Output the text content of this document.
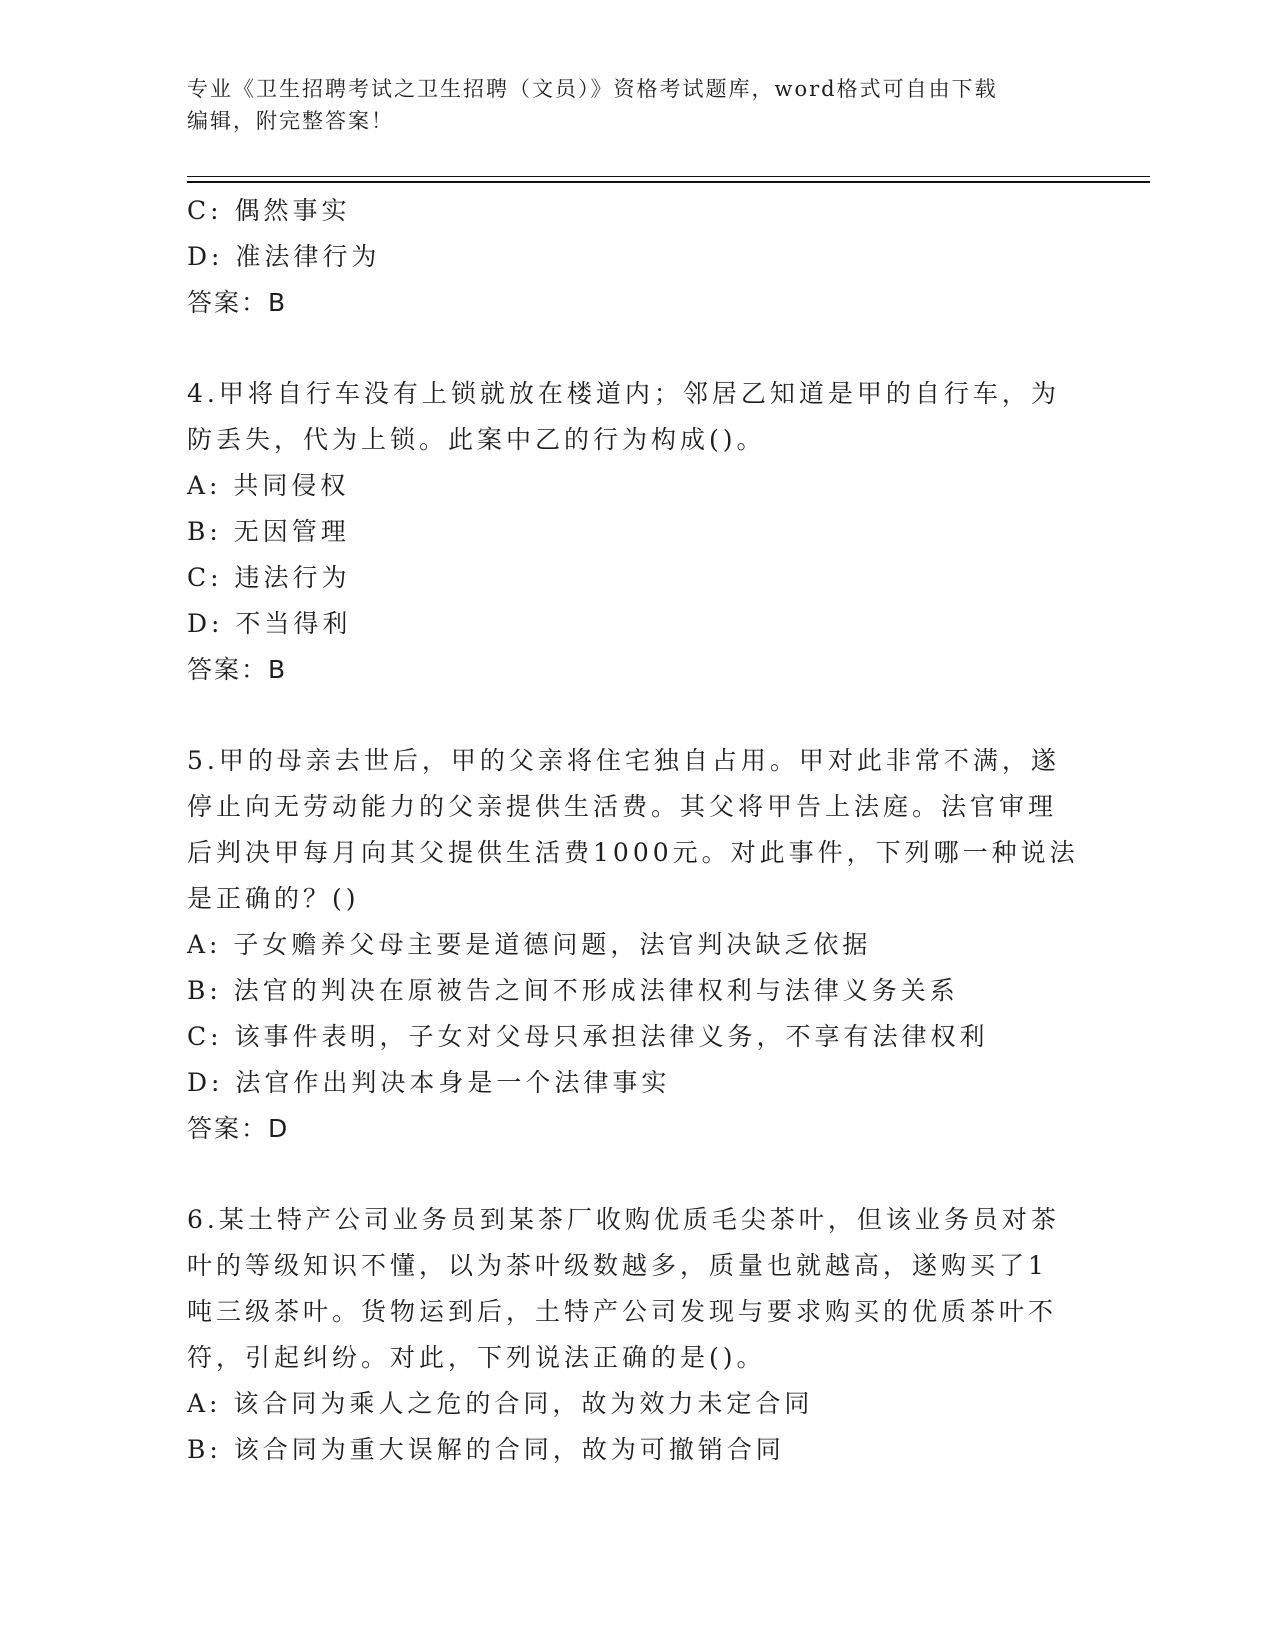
专业《卫生招聘考试之卫生招聘（文员）》资格考试题库，word格式可自由下载
编辑，附完整答案！
C: 偶然事实
D: 准法律行为
答案：B
4.甲将自行车没有上锁就放在楼道内；邻居乙知道是甲的自行车，为
防丢失，代为上锁。此案中乙的行为构成()。
A: 共同侵权
B: 无因管理
C: 违法行为
D: 不当得利
答案：B
5.甲的母亲去世后，甲的父亲将住宅独自占用。甲对此非常不满，遂
停止向无劳动能力的父亲提供生活费。其父将甲告上法庭。法官审理
后判决甲每月向其父提供生活费1000元。对此事件，下列哪一种说法
是正确的？()
A: 子女赡养父母主要是道德问题，法官判决缺乏依据
B: 法官的判决在原被告之间不形成法律权利与法律义务关系
C: 该事件表明，子女对父母只承担法律义务，不享有法律权利
D: 法官作出判决本身是一个法律事实
答案：D
6.某土特产公司业务员到某茶厂收购优质毛尖茶叶，但该业务员对茶
叶的等级知识不懂，以为茶叶级数越多，质量也就越高，遂购买了1
吨三级茶叶。货物运到后，土特产公司发现与要求购买的优质茶叶不
符，引起纠纷。对此，下列说法正确的是()。
A: 该合同为乘人之危的合同，故为效力未定合同
B: 该合同为重大误解的合同，故为可撤销合同
